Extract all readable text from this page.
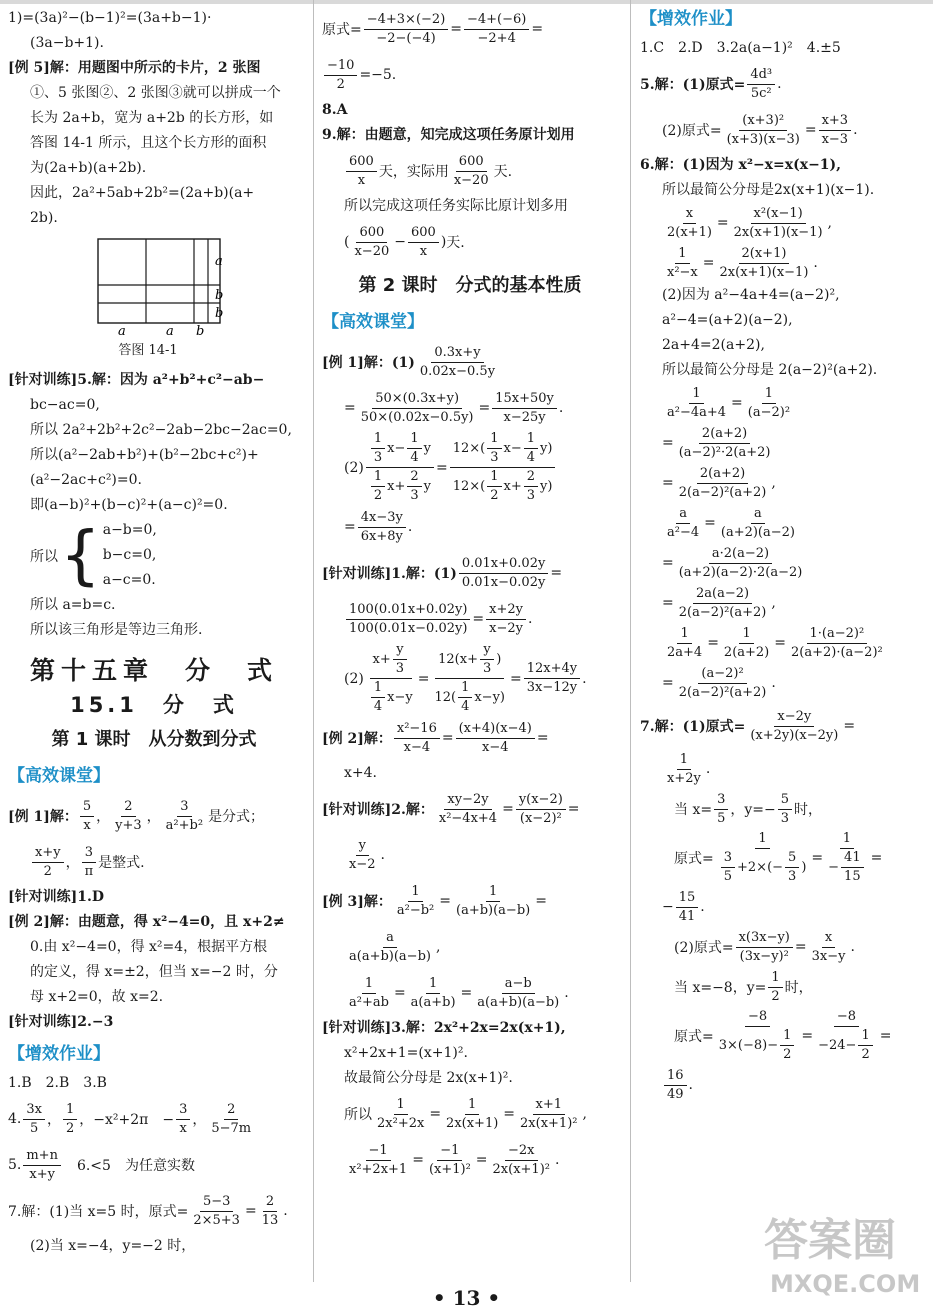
1)=(3a)²−(b−1)²=(3a+b−1)·
(3a−b+1).
[例 5]解：用题图中所示的卡片，2 张图
①、5 张图②、2 张图③就可以拼成一个
长为 2a+b，宽为 a+2b 的长方形，如
答图 14-1 所示，且这个长方形的面积
为(2a+b)(a+2b).
因此，2a²+5ab+2b²=(2a+b)(a+
2b).
a
b
b
a	a b
答图 14-1
[针对训练]5.解：因为 a²+b²+c²−ab−
bc−ac=0,
所以 2a²+2b²+2c²−2ab−2bc−2ac=0,
所以(a²−2ab+b²)+(b²−2bc+c²)+
(a²−2ac+c²)=0.
即(a−b)²+(b−c)²+(a−c)²=0.
所以 { a−b=0,
b−c=0,
a−c=0.
所以 a=b=c.
所以该三角形是等边三角形.
第十五章　分　式
15.1　分　式
第 1 课时　从分数到分式
【高效课堂】
[例 1]解： $\frac{5}{x}$ ， $\frac{2}{y+3}$ ， $\frac{3}{\text{a²+b²}}$ 是分式；
$\frac{x+y}{2}$ ， $\frac{3}{\pi}$ 是整式.
[针对训练]1.D
[例 2]解：由题意，得 x²−4=0，且 x+2≠
0.由 x²−4=0，得 x²=4，根据平方根
的定义，得 x=±2，但当 x=−2 时，分
母 x+2=0，故 x=2.
[针对训练]2.−3
【增效作业】
1.B　2.B　3.B
4. $\frac{3x}{5}$ ， $\frac{1}{2}$ ，−x²+2π　− $\frac{3}{x}$ ， $\frac{2}{5-7m}$
5. $\frac{m+n}{x+y}$ 　6.<5　为任意实数
7.解：(1)当 x=5 时，原式= $\frac{5-3}{2\times 5+3} = \frac{2}{13}$ .
(2)当 x=−4，y=−2 时，
原式= $\frac{-4+3\times(-2)}{-2-(-4)} = \frac{-4+(-6)}{-2+4}$ =
$\frac{-10}{2} =-5$.
8.A
9.解：由题意，知完成这项任务原计划用
$\frac{600}{x}$ 天，实际用 $\frac{600}{x-20}$ 天.
所以完成这项任务实际比原计划多用
( $\frac{600}{x-20} - \frac{600}{x}$ ) 天.
第 2 课时　分式的基本性质
【高效课堂】
[例 1]解：$(1) \frac{0.3x+y}{0.02x-0.5y}$
= $\frac{50\times(0.3x+y)}{50\times(0.02x-0.5y)} = \frac{15x+50y}{x-25y}$ .
$(2) \frac{\frac{1}{3} x- \frac{1}{4} y}{\frac{1}{2} x+ \frac{2}{3} y} = \frac{12\times( \frac{1}{3} x- \frac{1}{4} y)}{12\times( \frac{1}{2} x+ \frac{2}{3} y)}$
= $\frac{4x-3y}{6x+8y}$ .
[针对训练]1.解：$(1) \frac{0.01x+0.02y}{0.01x-0.02y}$ =
$\frac{100(0.01x+0.02y)}{100(0.01x-0.02y)} = \frac{x+2y}{x-2y}$ .
$(2) \frac{x+ \frac{y}{3}}{\frac{1}{4} x-y} = \frac{12(x+ \frac{y}{3} )}{12( \frac{1}{4} x-y)} = \frac{12x+4y}{3x-12y}$ .
[例 2]解： $\frac{\text{x²−16}}{x-4} = \frac{(x+4)(x-4)}{x-4}$ =
x+4.
[针对训练]2.解： $\frac{xy-2y}{\text{x²−4x+4}} = \frac{y(x-2)}{\text{(x−2)²}}$ =
$\frac{y}{x-2}$ .
[例 3]解： $\frac{1}{\text{a²−b²}} = \frac{1}{(a+b)(a-b)}$ =
$\frac{a}{a(a+b)(a-b)}$ ,
$\frac{1}{\text{a²+ab}} = \frac{1}{a(a+b)} = \frac{a-b}{a(a+b)(a-b)}$ .
[针对训练]3.解：2x²+2x=2x(x+1),
x²+2x+1=(x+1)².
故最简公分母是 2x(x+1)².
所以 $\frac{1}{\text{2x²+2x}} = \frac{1}{2x(x+1)} = \frac{x+1}{\text{2x(x+1)²}}$ ,
$\frac{-1}{\text{x²+2x+1}} = \frac{-1}{\text{(x+1)²}} = \frac{-2x}{\text{2x(x+1)²}}$ .
【增效作业】
1.C　2.D　3.2a(a−1)²　4.±5
5.解：(1)原式= $\frac{\text{4d³}}{\text{5c²}}$ .
(2)原式= $\frac{\text{(x+3)²}}{(x+3)(x-3)} = \frac{x+3}{x-3}$ .
6.解：(1)因为 x²−x=x(x−1),
所以最简公分母是2x(x+1)(x−1).
$\frac{x}{2(x+1)} = \frac{\text{x²(x−1)}}{2x(x+1)(x-1)}$ ,
$\frac{1}{\text{x²−x}} = \frac{2(x+1)}{2x(x+1)(x-1)}$ .
(2)因为 a²−4a+4=(a−2)²,
a²−4=(a+2)(a−2),
2a+4=2(a+2),
所以最简公分母是 2(a−2)²(a+2).
$\frac{1}{\text{a²−4a+4}} = \frac{1}{\text{(a−2)²}}$
= $\frac{2(a+2)}{\text{(a−2)²·2(a+2)}}$
= $\frac{2(a+2)}{\text{2(a−2)²(a+2)}}$ ,
$\frac{a}{\text{a²−4}} = \frac{a}{(a+2)(a-2)}$
= $\frac{a\cdot 2(a-2)}{(a+2)(a-2)\cdot 2(a-2)}$
= $\frac{2a(a-2)}{\text{2(a−2)²(a+2)}}$ ,
$\frac{1}{2a+4} = \frac{1}{2(a+2)} = \frac{\text{1·(a−2)²}}{\text{2(a+2)·(a−2)²}}$
= $\frac{\text{(a−2)²}}{\text{2(a−2)²(a+2)}}$ .
7.解：(1)原式= $\frac{x-2y}{(x+2y)(x-2y)}$ =
$\frac{1}{x+2y}$ .
当 $x= \frac{3}{5}$ ，$y=- \frac{5}{3}$ 时，
原式= $\frac{1}{\frac{3}{5} +2\times(- \frac{5}{3} )} = \frac{1}{- \frac{41}{15}}$ =
− $\frac{15}{41}$ .
(2)原式= $\frac{x(3x-y)}{\text{(3x−y)²}} = \frac{x}{3x-y}$ .
当 x=−8，$y= \frac{1}{2}$ 时，
原式= $\frac{-8}{3\times(-8)- \frac{1}{2}} = \frac{-8}{-24- \frac{1}{2}}$ =
$\frac{16}{49}$ .
• 13 •
答案圈
MXQE.COM
